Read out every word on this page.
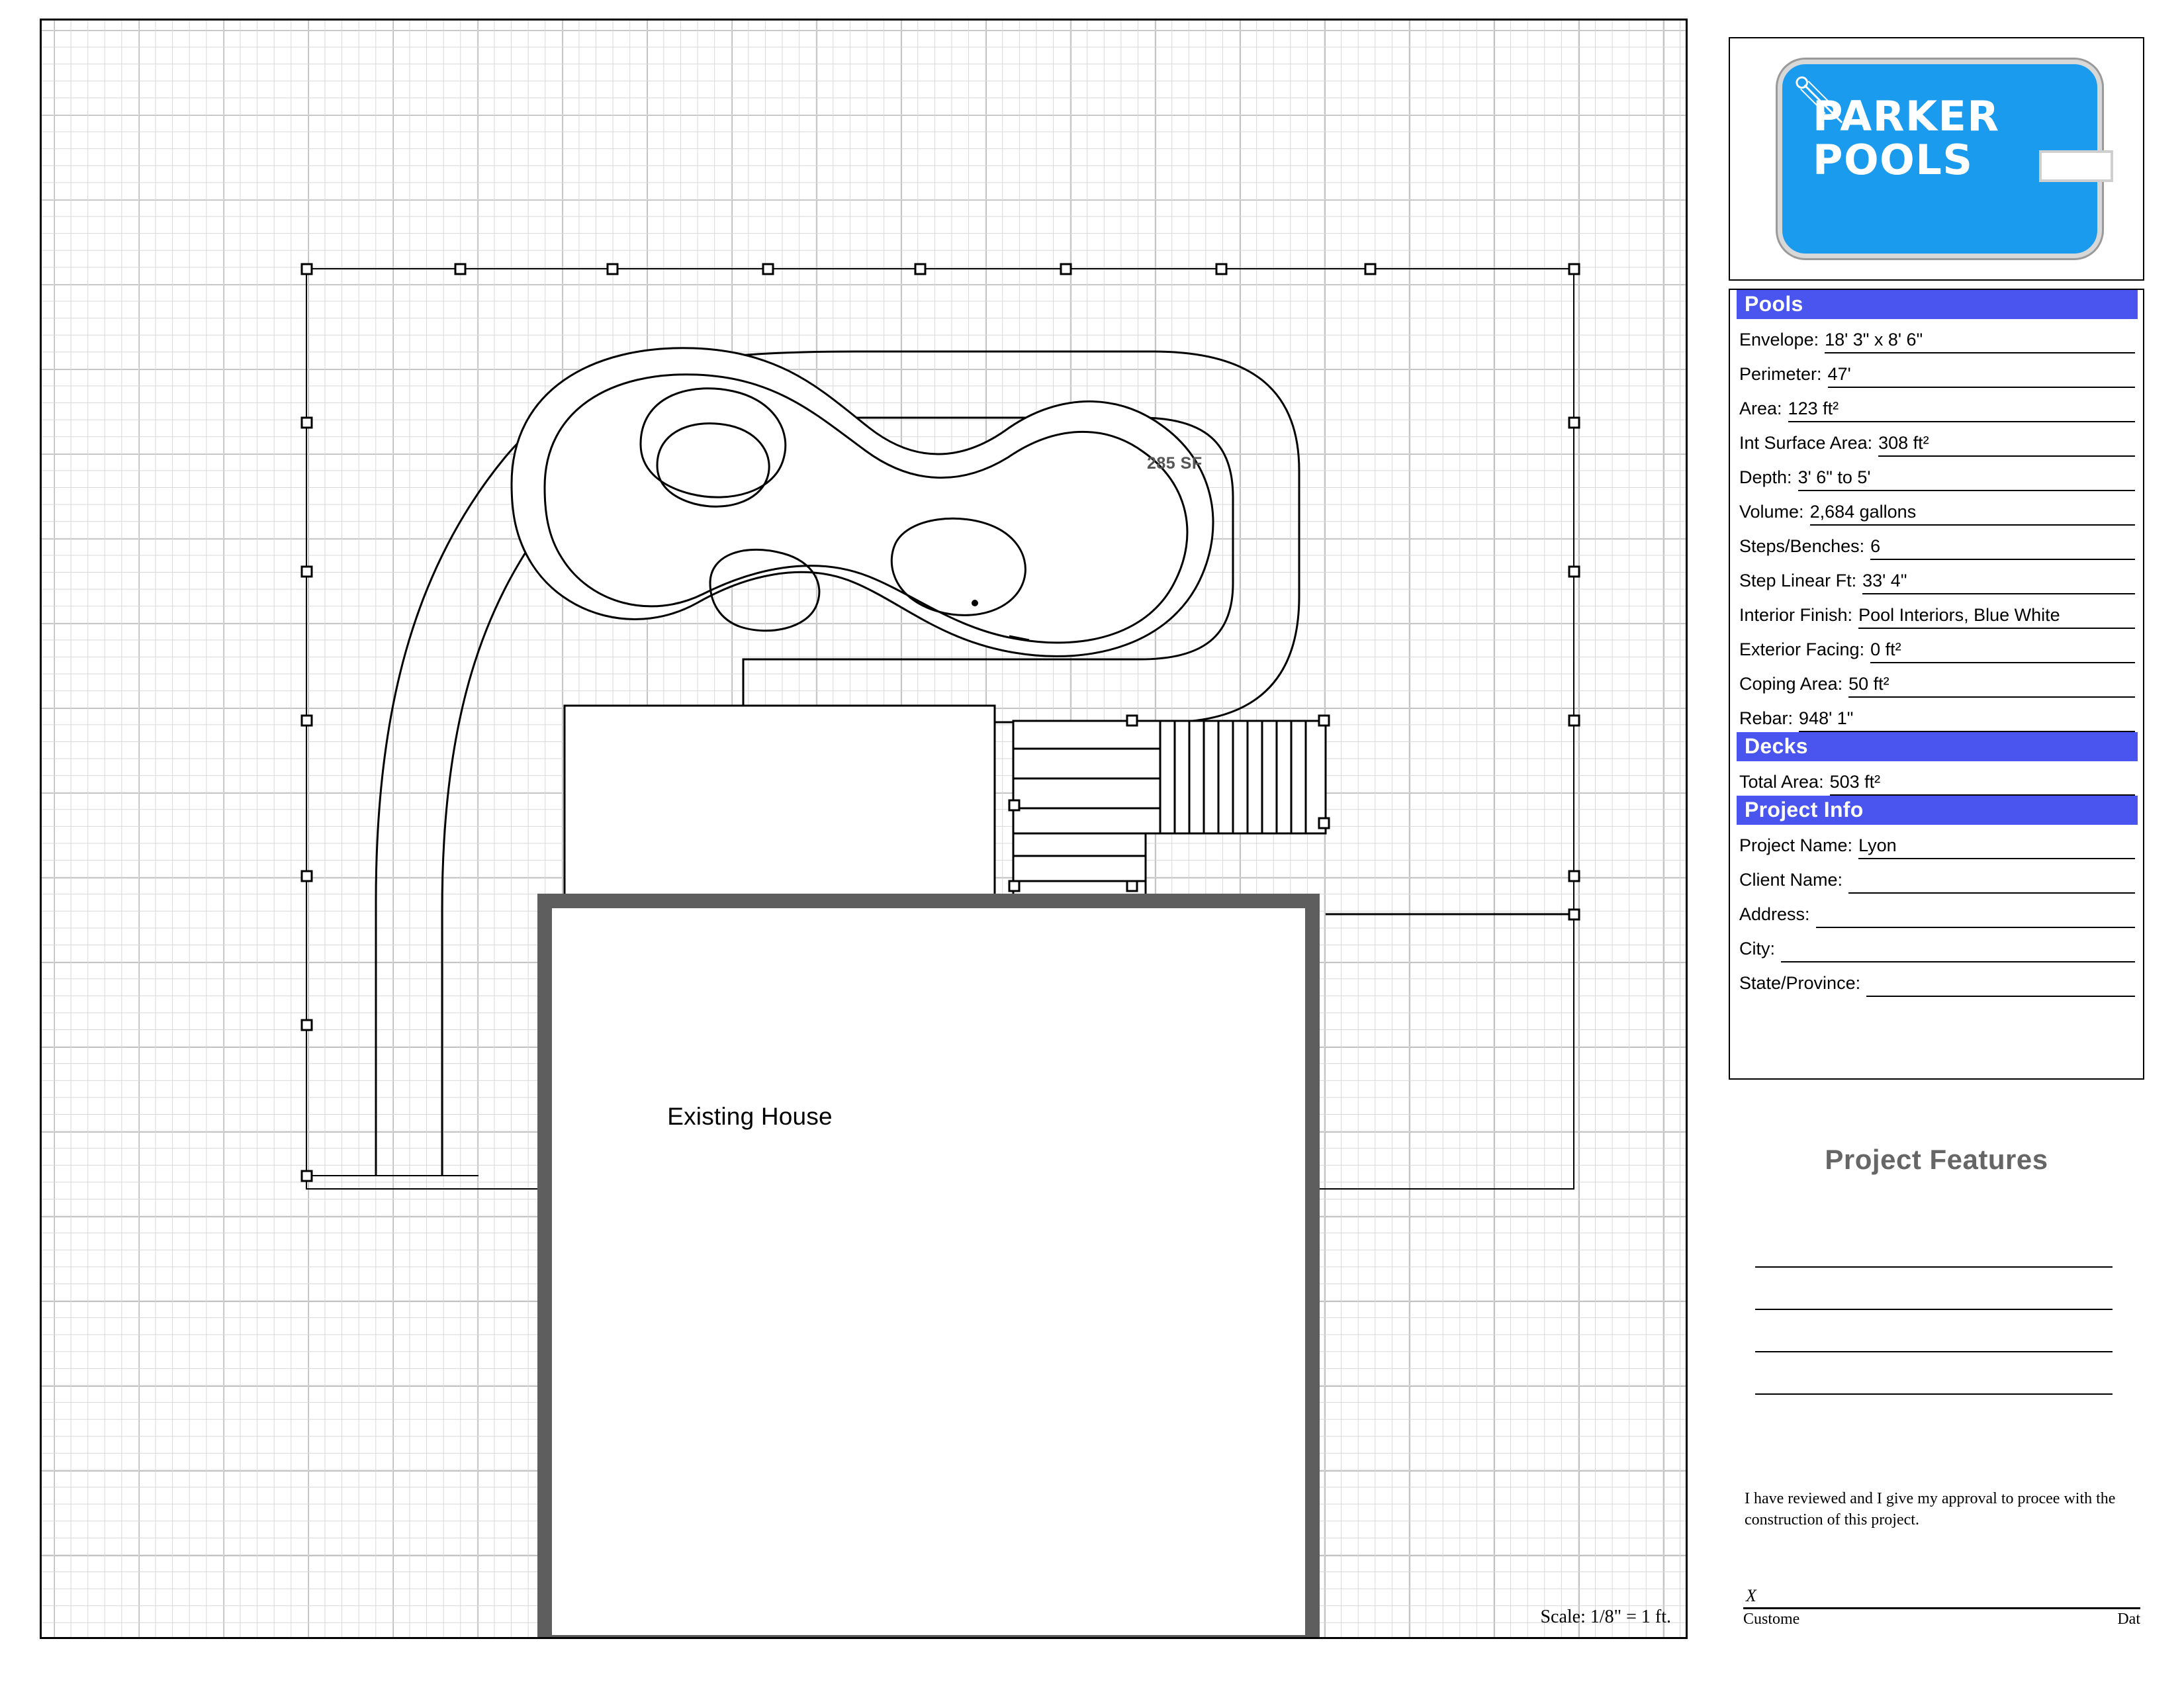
285 SF
Existing House
Scale: 1/8" = 1 ft.
PARKER
POOLS
Pools
Envelope: 18' 3" x 8' 6"
Perimeter: 47'
Area: 123 ft²
Int Surface Area: 308 ft²
Depth: 3' 6" to 5'
Volume: 2,684 gallons
Steps/Benches: 6
Step Linear Ft: 33' 4"
Interior Finish: Pool Interiors, Blue White
Exterior Facing: 0 ft²
Coping Area: 50 ft²
Rebar: 948' 1"
Decks
Total Area: 503 ft²
Project Info
Project Name: Lyon
Client Name:
Address:
City:
State/Province:
Project Features
I have reviewed and I give my approval to procee with the construction of this project.
X
Custome	Dat
